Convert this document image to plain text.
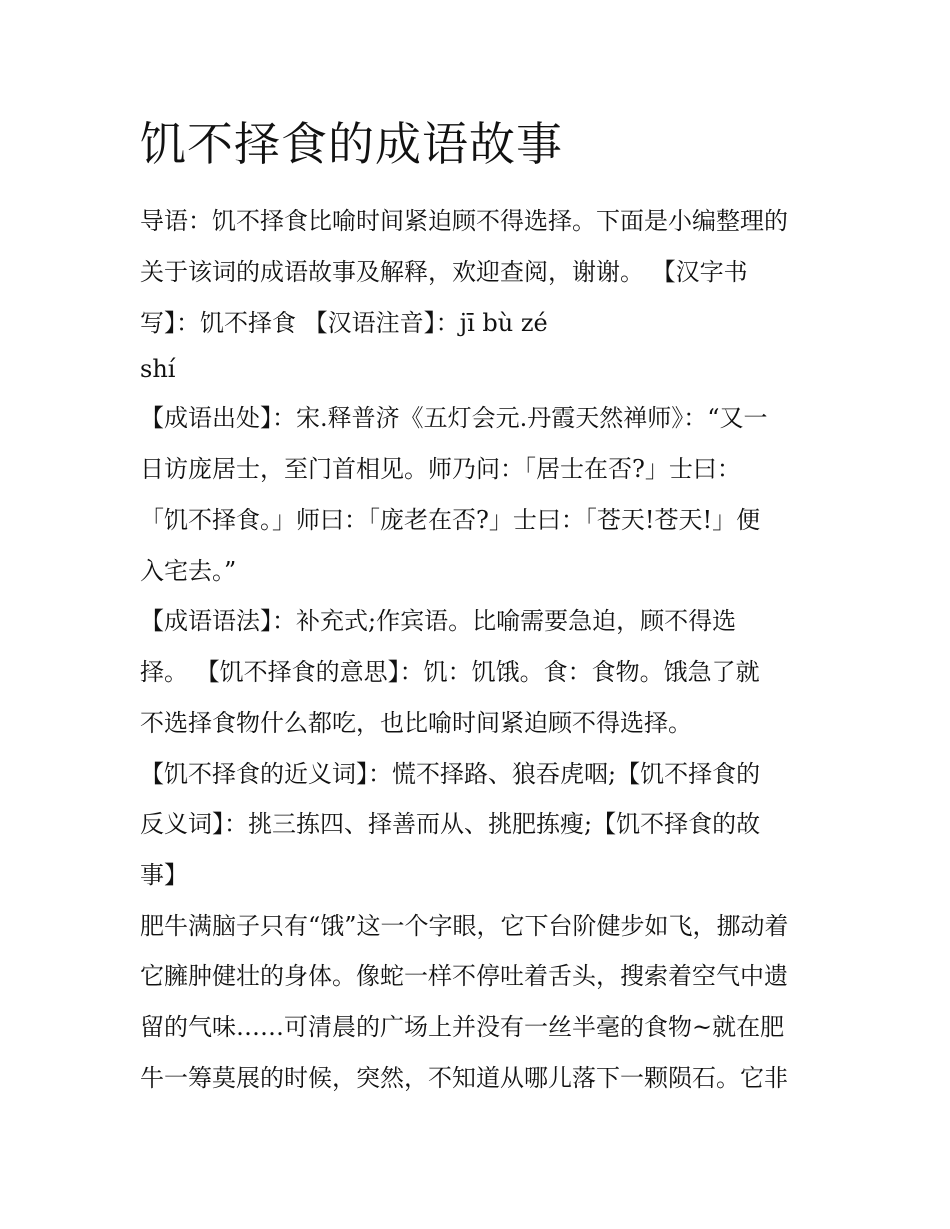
饥不择食的成语故事

导语：饥不择食比喻时间紧迫顾不得选择。下面是小编整理的

关于该词的成语故事及解释，欢迎查阅，谢谢。 【汉字书

写】：饥不择食 【汉语注音】：jī bù zé

shí

【成语出处】：宋.释普济《五灯会元.丹霞天然禅师》：“又一

日访庞居士，至门首相见。师乃问：「居士在否?」士曰：

「饥不择食。」师曰：「庞老在否?」士曰：「苍天!苍天!」便

入宅去。”

【成语语法】：补充式;作宾语。比喻需要急迫，顾不得选

择。 【饥不择食的意思】：饥：饥饿。食：食物。饿急了就

不选择食物什么都吃，也比喻时间紧迫顾不得选择。

【饥不择食的近义词】：慌不择路、狼吞虎咽;【饥不择食的

反义词】：挑三拣四、择善而从、挑肥拣瘦;【饥不择食的故

事】

肥牛满脑子只有“饿”这一个字眼，它下台阶健步如飞，挪动着

它臃肿健壮的身体。像蛇一样不停吐着舌头，搜索着空气中遗

留的气味……可清晨的广场上并没有一丝半毫的食物~就在肥

牛一筹莫展的时候，突然，不知道从哪儿落下一颗陨石。它非
